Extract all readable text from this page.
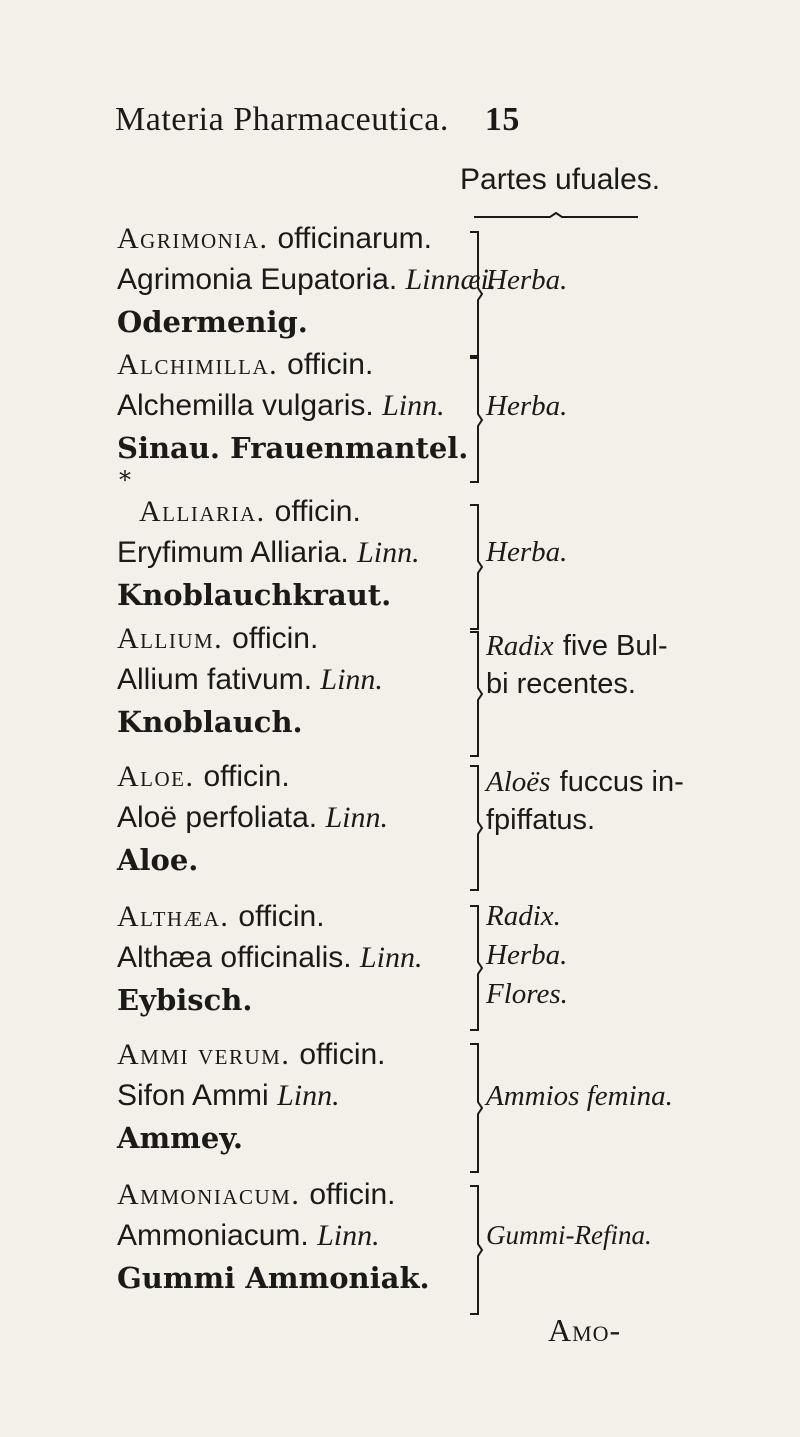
Materia Pharmaceutica. 15
Partes ufuales.
Agrimonia. officinarum.
Agrimonia Eupatoria. Linnæi.
Odermenig.
Herba.
Alchimilla. officin.
Alchemilla vulgaris. Linn.
Sinau. Frauenmantel.
Herba.
*
Alliaria. officin.
Eryfimum Alliaria. Linn.
Knoblauchkraut.
Herba.
Allium. officin.
Allium fativum. Linn.
Knoblauch.
Radix five Bul-
bi recentes.
Aloe. officin.
Aloë perfoliata. Linn.
Aloe.
Aloës fuccus in-
fpiffatus.
Althæa. officin.
Althæa officinalis. Linn.
Eybisch.
Radix.
Herba.
Flores.
Ammi verum. officin.
Sifon Ammi Linn.
Ammey.
Ammios femina.
Ammoniacum. officin.
Ammoniacum. Linn.
Gummi Ammoniak.
Gummi-Refina.
Amo-
